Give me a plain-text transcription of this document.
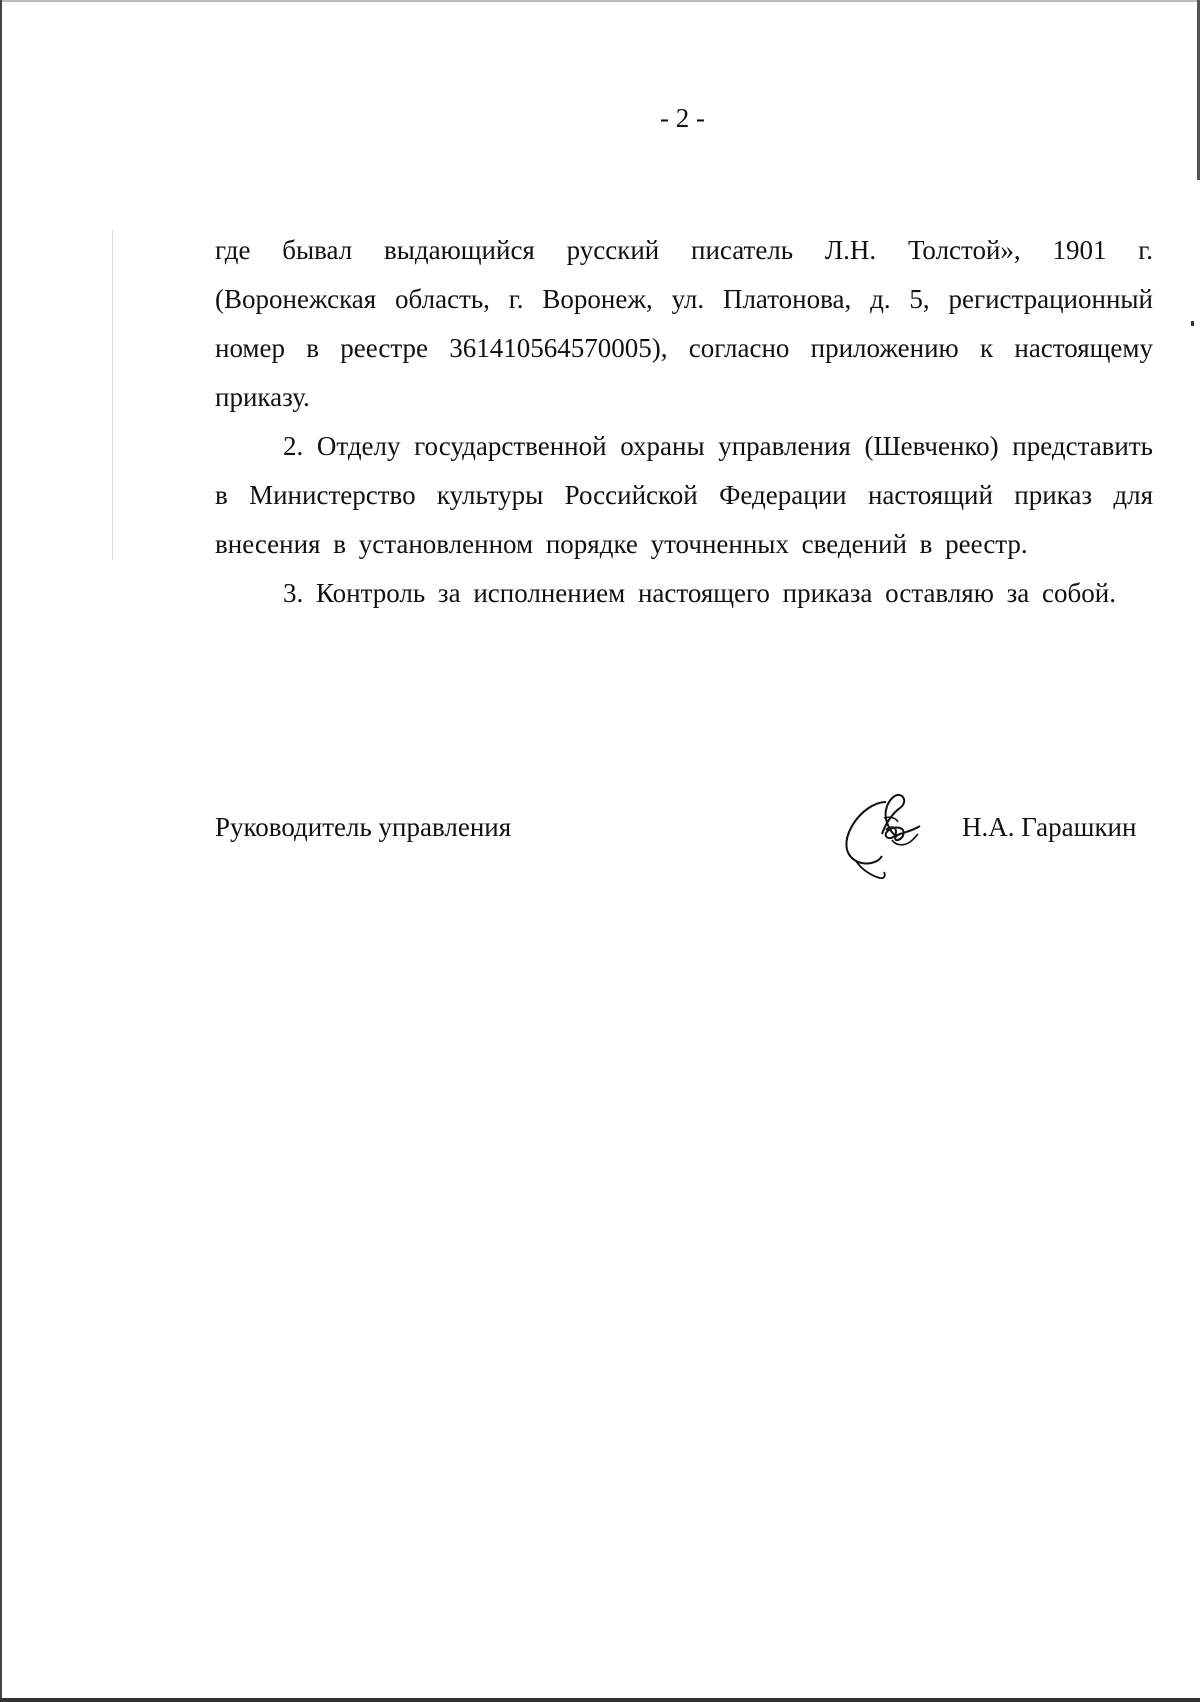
- 2 -

где бывал выдающийся русский писатель Л.Н. Толстой», 1901 г. (Воронежская область, г. Воронеж, ул. Платонова, д. 5, регистрационный номер в реестре 361410564570005), согласно приложению к настоящему приказу.

2. Отделу государственной охраны управления (Шевченко) представить в Министерство культуры Российской Федерации настоящий приказ для внесения в установленном порядке уточненных сведений в реестр.

3. Контроль за исполнением настоящего приказа оставляю за собой.

Руководитель управления	Н.А. Гарашкин
